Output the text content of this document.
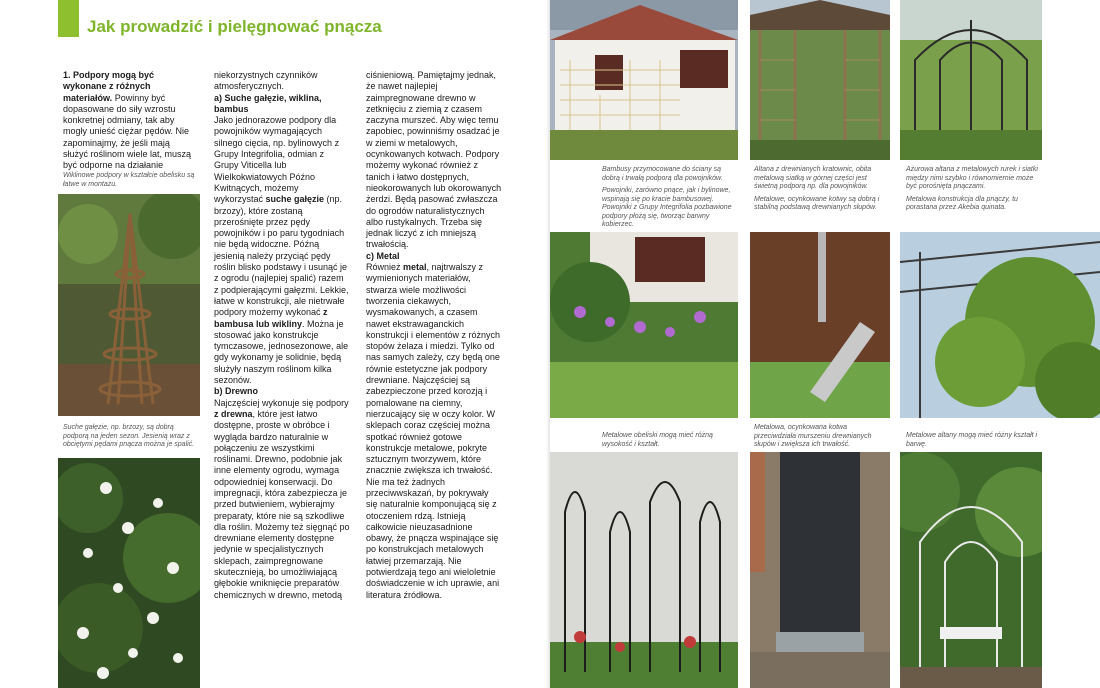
Jak prowadzić i pielęgnować pnącza

1. Podpory mogą być wykonane z różnych materiałów. Powinny być dopasowane do siły wzrostu konkretnej odmiany, tak aby mogły unieść ciężar pędów. Nie zapominajmy, że jeśli mają służyć roślinom wiele lat, muszą być odporne na działanie

Wiklinowe podpory w kształcie obelisku są łatwe w montażu.
Suche gałęzie, np. brzozy, są dobrą podporą na jeden sezon. Jesienią wraz z obciętymi pędami pnącza można je spalić.

niekorzystnych czynników atmosferycznych.

a) Suche gałęzie, wiklina, bambus

Jako jednorazowe podpory dla powojników wymagających silnego cięcia, np. bylinowych z Grupy Integrifolia, odmian z Grupy Viticella lub Wielkokwiatowych Późno Kwitnących, możemy wykorzystać suche gałęzie (np. brzozy), które zostaną przerośnięte przez pędy powojników i po paru tygodniach nie będą widoczne. Późną jesienią należy przyciąć pędy roślin blisko podstawy i usunąć je z ogrodu (najlepiej spalić) razem z podpierającymi gałęzmi. Lekkie, łatwe w konstrukcji, ale nietrwałe podpory możemy wykonać z bambusa lub wikliny. Można je stosować jako konstrukcje tymczasowe, jednosezonowe, ale gdy wykonamy je solidnie, będą służyły naszym roślinom kilka sezonów.

b) Drewno

Najczęściej wykonuje się podpory z drewna, które jest łatwo dostępne, proste w obróbce i wygląda bardzo naturalnie w połączeniu ze wszystkimi roślinami. Drewno, podobnie jak inne elementy ogrodu, wymaga odpowiedniej konserwacji. Do impregnacji, która zabezpiecza je przed butwieniem, wybierajmy preparaty, które nie są szkodliwe dla roślin. Możemy też sięgnąć po drewniane elementy dostępne jedynie w specjalistycznych sklepach, zaimpregnowane skutecznieją, bo umożliwiającą głębokie wniknięcie preparatów chemicznych w drewno, metodą

ciśnieniową. Pamiętajmy jednak, że nawet najlepiej zaimpregnowane drewno w zetknięciu z ziemią z czasem zaczyna murszeć. Aby więc temu zapobiec, powinniśmy osadzać je w ziemi w metalowych, ocynkowanych kotwach. Podpory możemy wykonać również z tanich i łatwo dostępnych, nieokorowanych lub okorowanych żerdzi. Będą pasować zwłaszcza do ogrodów naturalistycznych albo rustykalnych. Trzeba się jednak liczyć z ich mniejszą trwałością.

c) Metal

Również metal, najtrwalszy z wymienionych materiałów, stwarza wiele możliwości tworzenia ciekawych, wysmakowanych, a czasem nawet ekstrawaganckich konstrukcji i elementów z różnych stopów żelaza i miedzi. Tylko od nas samych zależy, czy będą one równie estetyczne jak podpory drewniane. Najczęściej są zabezpieczone przed korozją i pomalowane na ciemny, nierzucający się w oczy kolor. W sklepach coraz częściej można spotkać również gotowe konstrukcje metalowe, pokryte sztucznym tworzywem, które znacznie zwiększa ich trwałość. Nie ma też żadnych przeciwwskazań, by pokrywały się naturalnie komponującą się z otoczeniem rdzą. Istnieją całkowicie nieuzasadnione obawy, że pnącza wspinające się po konstrukcjach metalowych łatwiej przemarzają. Nie potwierdzają tego ani wieloletnie doświadczenie w ich uprawie, ani literatura źródłowa.

Bambusy przymocowane do ściany są dobrą i trwałą podporą dla powojników.

Powojniki, zarówno pnące, jak i bylinowe, wspinają się po kracie bambusowej. Powojniki z Grupy Integrifolia pozbawione podpory płożą się, tworząc barwny kobierzec.

Altana z drewnianych kratownic, obita metalową siatką w górnej części jest świetną podporą np. dla powojników.

Metalowe, ocynkowane kotwy są dobrą i stabilną podstawą drewnianych słupów.

Ażurowa altana z metalowych rurek i siatki między nimi szybko i równomiernie może być porośnięta pnączami.

Metalowa konstrukcja dla pnączy, tu porastana przez Akebia quinata.

Metalowe obeliski mogą mieć różną wysokość i kształt.
Metalowa, ocynkowana kotwa przeciwdziała murszeniu drewnianych słupów i zwiększa ich trwałość.
Metalowe altany mogą mieć różny kształt i barwę.
